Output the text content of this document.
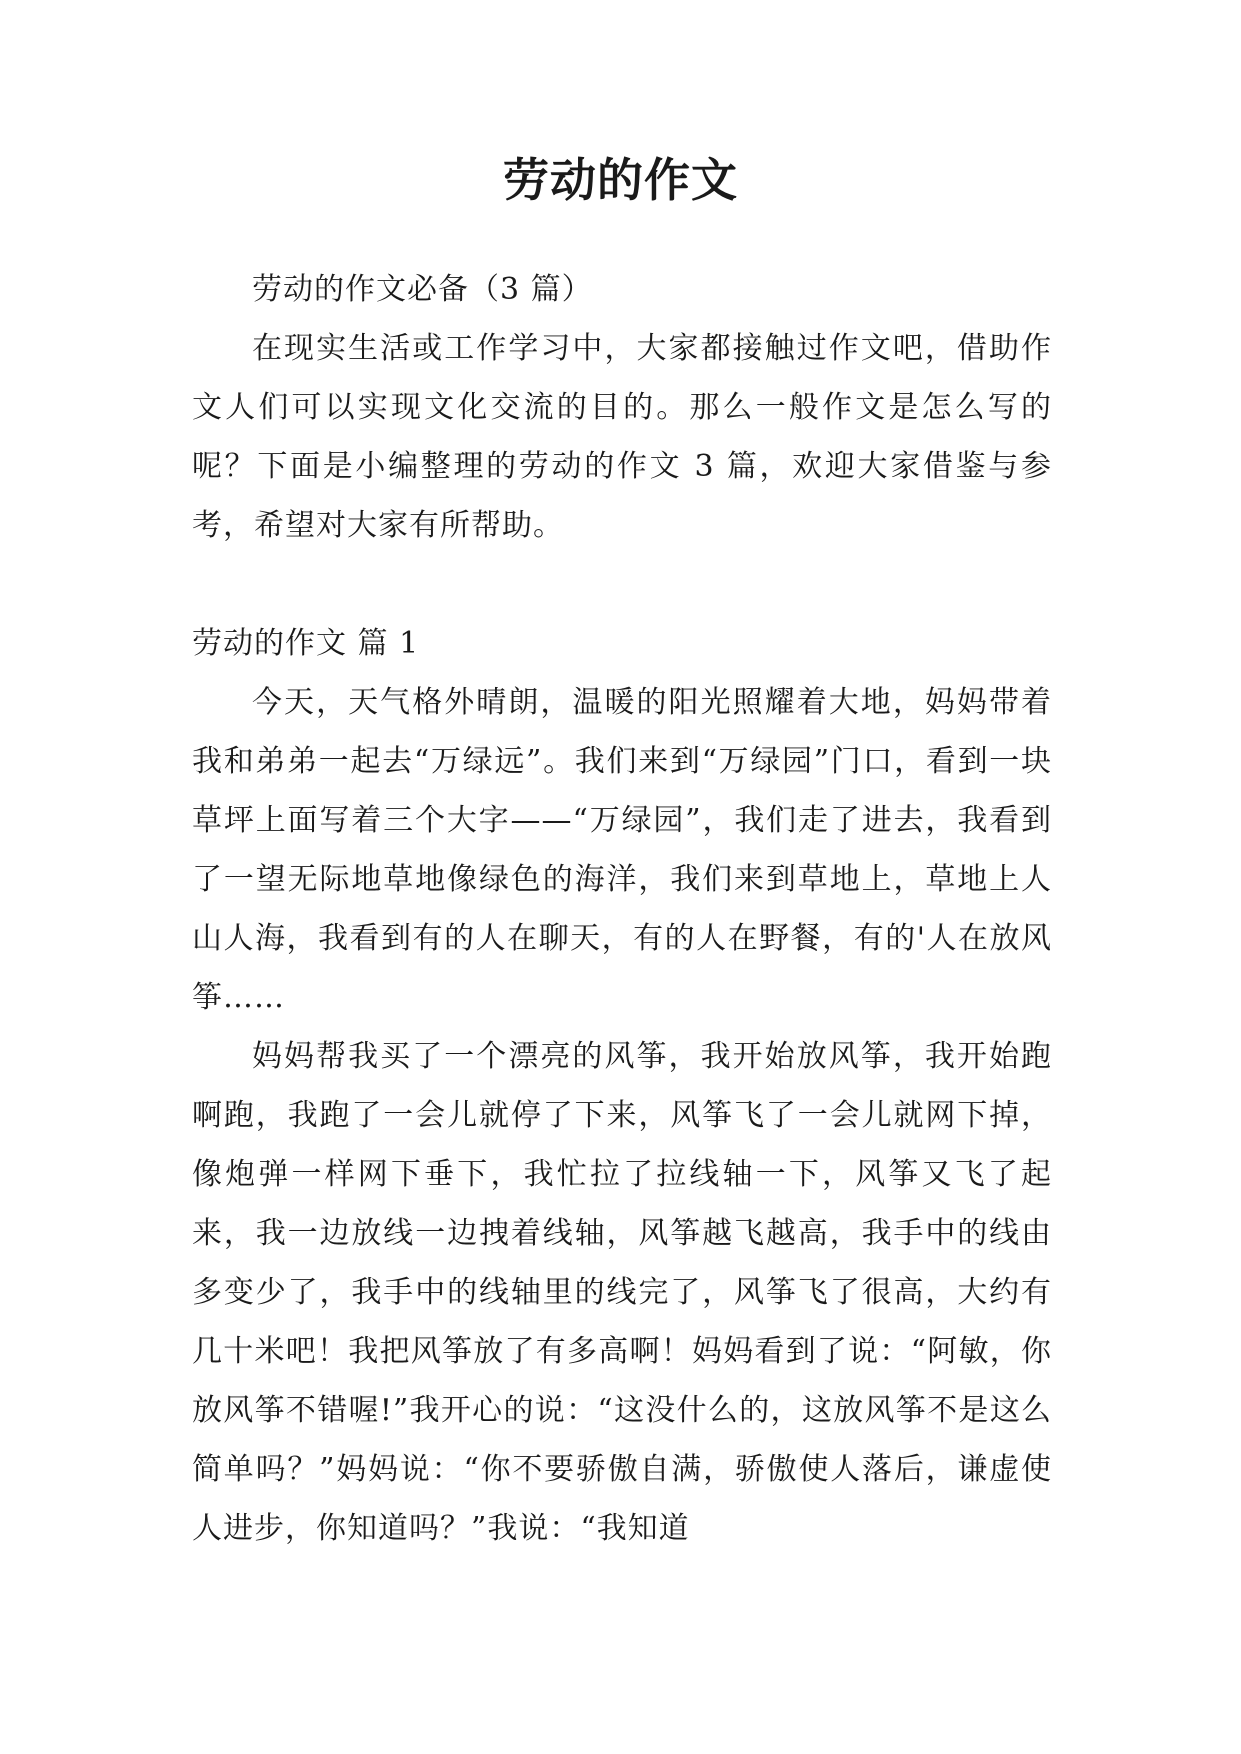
劳动的作文

劳动的作文必备（3 篇）

在现实生活或工作学习中，大家都接触过作文吧，借助作文人们可以实现文化交流的目的。那么一般作文是怎么写的呢？下面是小编整理的劳动的作文 3 篇，欢迎大家借鉴与参考，希望对大家有所帮助。

劳动的作文 篇 1

今天，天气格外晴朗，温暖的阳光照耀着大地，妈妈带着我和弟弟一起去“万绿远”。我们来到“万绿园”门口，看到一块草坪上面写着三个大字——“万绿园”，我们走了进去，我看到了一望无际地草地像绿色的海洋，我们来到草地上，草地上人山人海，我看到有的人在聊天，有的人在野餐，有的'人在放风筝……

妈妈帮我买了一个漂亮的风筝，我开始放风筝，我开始跑啊跑，我跑了一会儿就停了下来，风筝飞了一会儿就网下掉，像炮弹一样网下垂下，我忙拉了拉线轴一下，风筝又飞了起来，我一边放线一边拽着线轴，风筝越飞越高，我手中的线由多变少了，我手中的线轴里的线完了，风筝飞了很高，大约有几十米吧！我把风筝放了有多高啊！妈妈看到了说：“阿敏，你放风筝不错喔!”我开心的说：“这没什么的，这放风筝不是这么简单吗？”妈妈说：“你不要骄傲自满，骄傲使人落后，谦虚使人进步，你知道吗？”我说：“我知道
